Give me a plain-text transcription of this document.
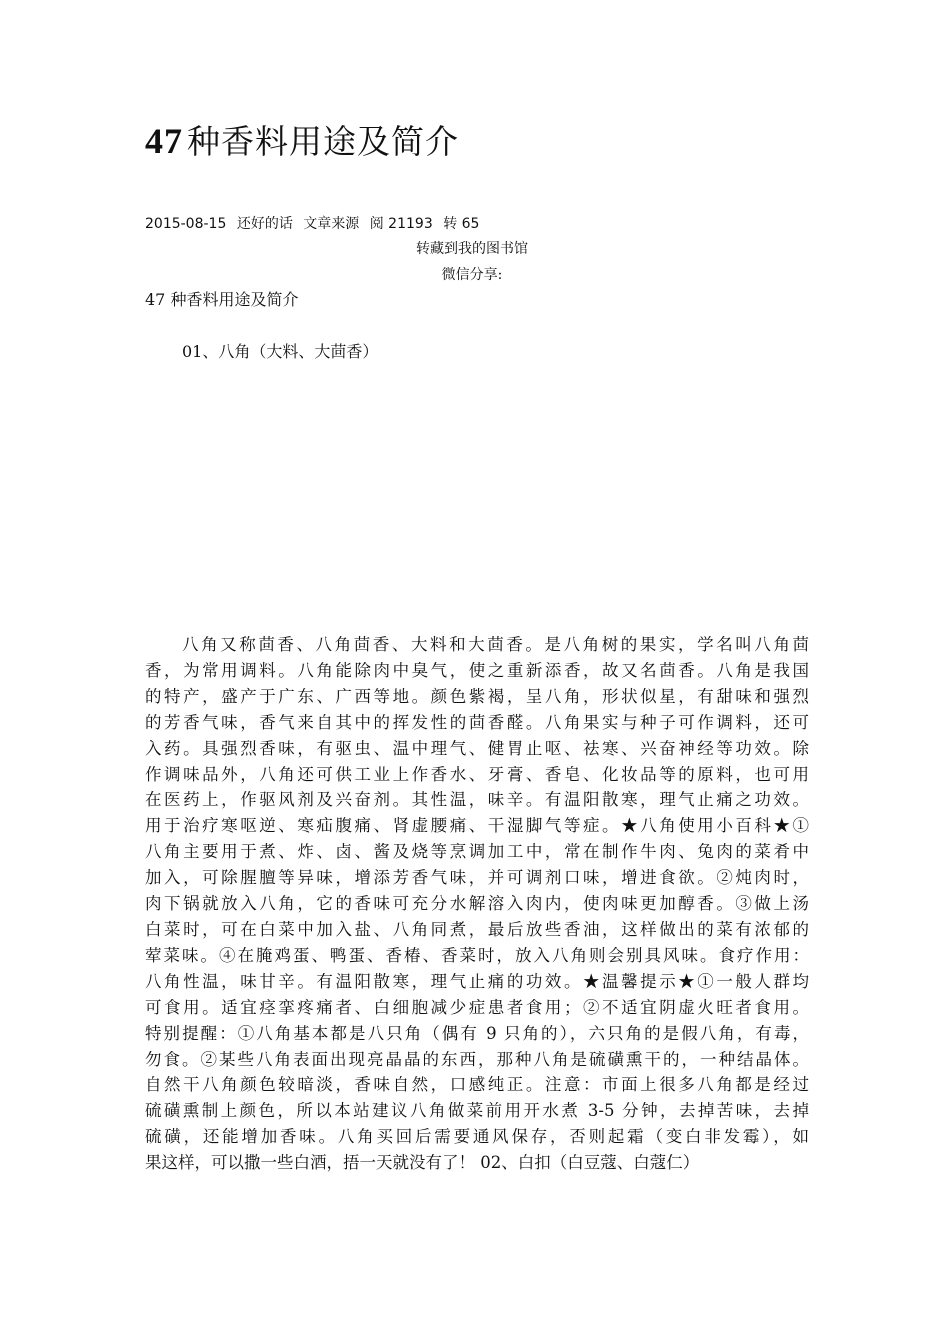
47 种香料用途及简介
2015-08-15 还好的话 文章来源 阅 21193 转 65
转藏到我的图书馆
微信分享:
47 种香料用途及简介
01、八角（大料、大茴香）
八角又称茴香、八角茴香、大料和大茴香。是八角树的果实，学名叫八角茴
香，为常用调料。八角能除肉中臭气，使之重新添香，故又名茴香。八角是我国
的特产，盛产于广东、广西等地。颜色紫褐，呈八角，形状似星，有甜味和强烈
的芳香气味，香气来自其中的挥发性的茴香醛。八角果实与种子可作调料，还可
入药。具强烈香味，有驱虫、温中理气、健胃止呕、祛寒、兴奋神经等功效。除
作调味品外，八角还可供工业上作香水、牙膏、香皂、化妆品等的原料，也可用
在医药上，作驱风剂及兴奋剂。其性温，味辛。有温阳散寒，理气止痛之功效。
用于治疗寒呕逆、寒疝腹痛、肾虚腰痛、干湿脚气等症。★八角使用小百科★①
八角主要用于煮、炸、卤、酱及烧等烹调加工中，常在制作牛肉、兔肉的菜肴中
加入，可除腥膻等异味，增添芳香气味，并可调剂口味，增进食欲。②炖肉时，
肉下锅就放入八角，它的香味可充分水解溶入肉内，使肉味更加醇香。③做上汤
白菜时，可在白菜中加入盐、八角同煮，最后放些香油，这样做出的菜有浓郁的
荤菜味。④在腌鸡蛋、鸭蛋、香椿、香菜时，放入八角则会别具风味。食疗作用：
八角性温，味甘辛。有温阳散寒，理气止痛的功效。★温馨提示★①一般人群均
可食用。适宜痉挛疼痛者、白细胞减少症患者食用；②不适宜阴虚火旺者食用。
特别提醒：①八角基本都是八只角（偶有 9 只角的），六只角的是假八角，有毒，
勿食。②某些八角表面出现亮晶晶的东西，那种八角是硫磺熏干的，一种结晶体。
自然干八角颜色较暗淡，香味自然，口感纯正。注意：市面上很多八角都是经过
硫磺熏制上颜色，所以本站建议八角做菜前用开水煮 3-5 分钟，去掉苦味，去掉
硫磺，还能增加香味。八角买回后需要通风保存，否则起霜（变白非发霉），如
果这样，可以撒一些白酒，捂一天就没有了！ 02、白扣（白豆蔻、白蔻仁）
